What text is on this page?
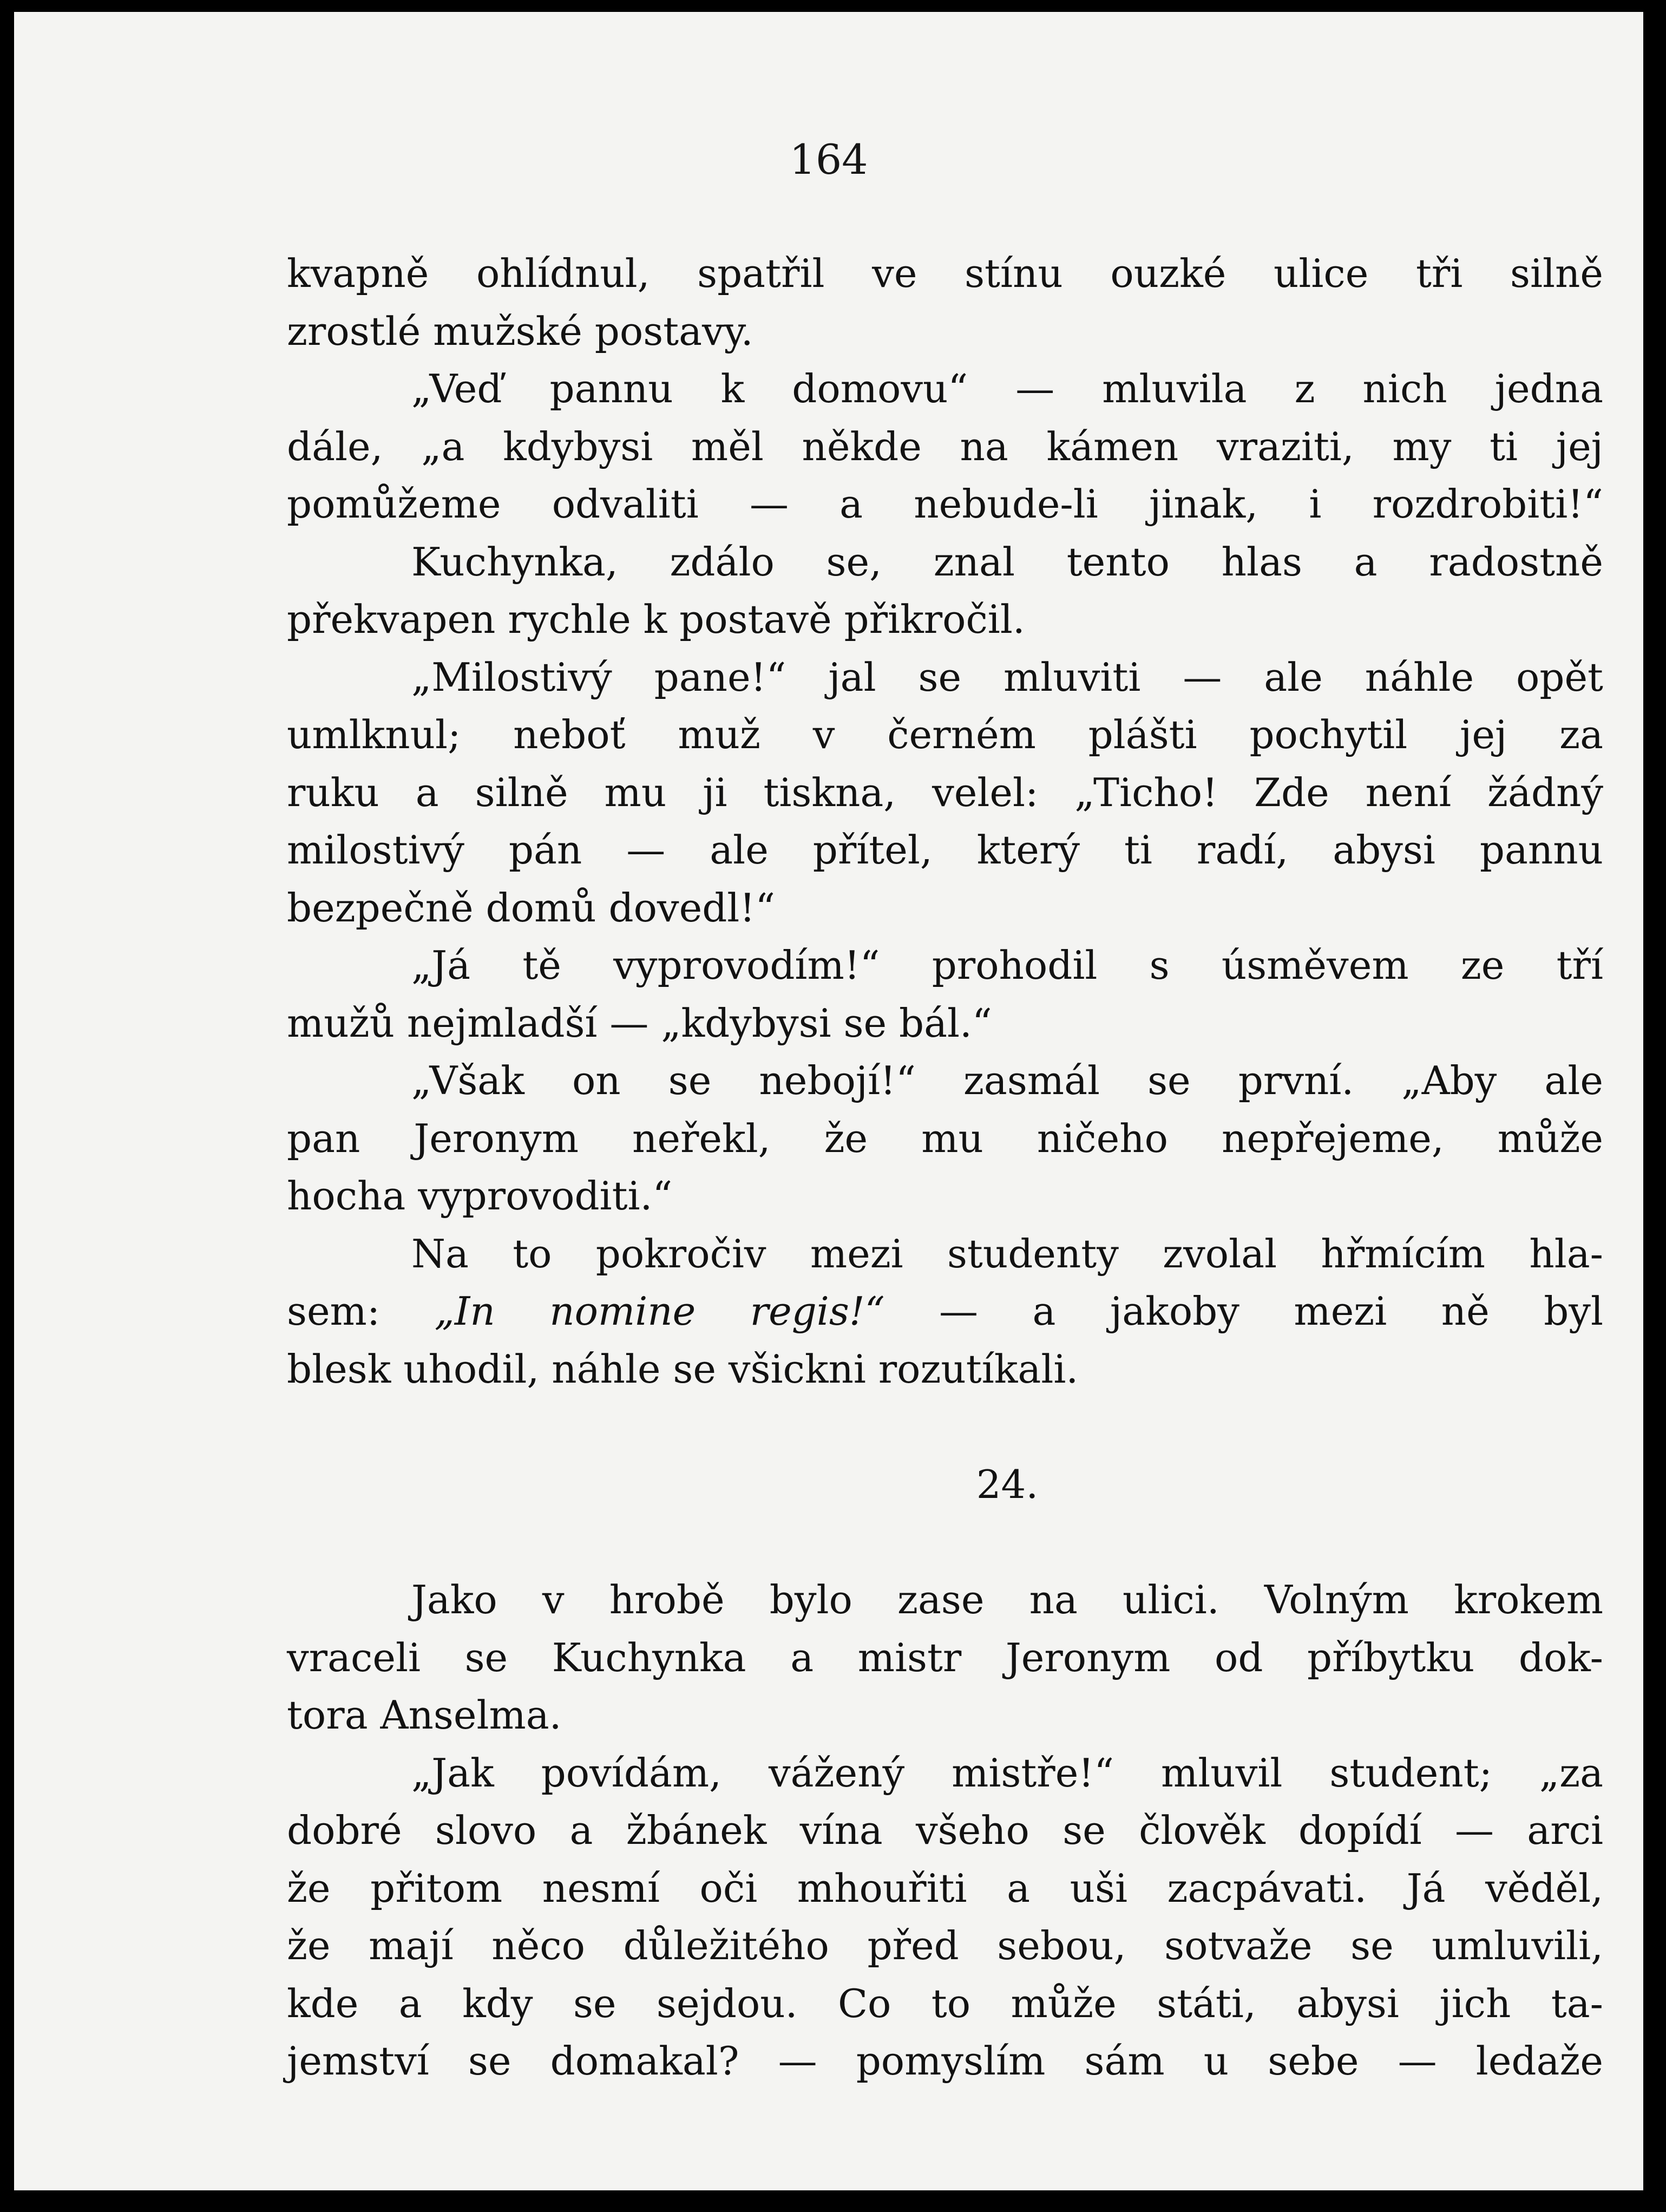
164
kvapně ohlídnul, spatřil ve stínu ouzké ulice tři silně
zrostlé mužské postavy.
„Veď pannu k domovu“ — mluvila z nich jedna
dále, „a kdybysi měl někde na kámen vraziti, my ti jej
pomůžeme odvaliti — a nebude-li jinak, i rozdrobiti!“
Kuchynka, zdálo se, znal tento hlas a radostně
překvapen rychle k postavě přikročil.
„Milostivý pane!“ jal se mluviti — ale náhle opět
umlknul; neboť muž v černém plášti pochytil jej za
ruku a silně mu ji tiskna, velel: „Ticho! Zde není žádný
milostivý pán — ale přítel, který ti radí, abysi pannu
bezpečně domů dovedl!“
„Já tě vyprovodím!“ prohodil s úsměvem ze tří
mužů nejmladší — „kdybysi se bál.“
„Však on se nebojí!“ zasmál se první. „Aby ale
pan Jeronym neřekl, že mu ničeho nepřejeme, může
hocha vyprovoditi.“
Na to pokročiv mezi studenty zvolal hřmícím hla-
sem: „In nomine regis!“ — a jakoby mezi ně byl
blesk uhodil, náhle se všickni rozutíkali.
24.
Jako v hrobě bylo zase na ulici. Volným krokem
vraceli se Kuchynka a mistr Jeronym od příbytku dok-
tora Anselma.
„Jak povídám, vážený mistře!“ mluvil student; „za
dobré slovo a žbánek vína všeho se člověk dopídí — arci
že přitom nesmí oči mhouřiti a uši zacpávati. Já věděl,
že mají něco důležitého před sebou, sotvaže se umluvili,
kde a kdy se sejdou. Co to může státi, abysi jich ta-
jemství se domakal? — pomyslím sám u sebe — ledaže
